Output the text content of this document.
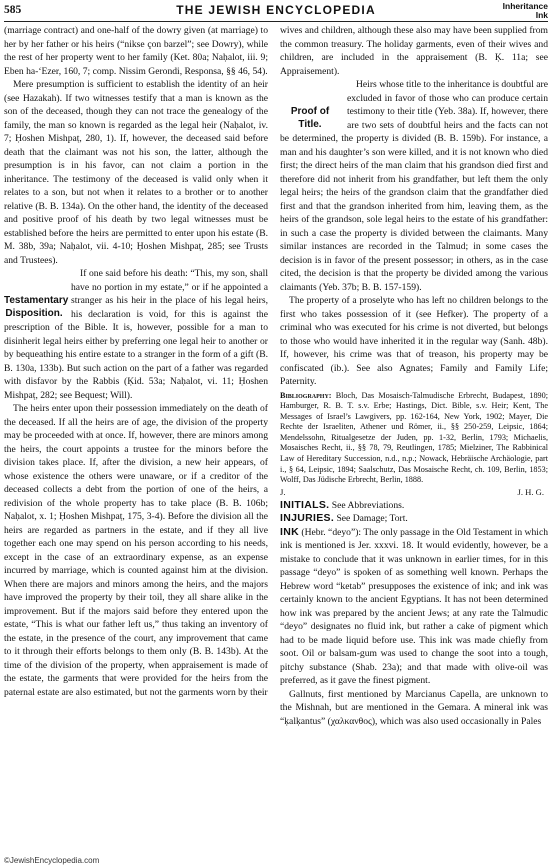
585	THE JEWISH ENCYCLOPEDIA	Inheritance
Ink

(marriage contract) and one-half of the dowry given (at marriage) to her by her father or his heirs (“nikse çon barzel”; see Dowry), while the rest of her property went to her family (Ket. 80a; Naḥalot, iii. 9; Eben ha-‘Ezer, 160, 7; comp. Nissim Gerondi, Responsa, §§ 46, 54).

Mere presumption is sufficient to establish the identity of an heir (see Hazakah). If two witnesses testify that a man is known as the son of the deceased, though they can not trace the genealogy of the family, the man so known is regarded as the legal heir (Naḥalot, iv. 7; Ḥoshen Mishpaṭ, 280, 1). If, however, the deceased said before death that the claimant was not his son, the latter, although the presumption is in his favor, can not claim a portion in the inheritance. The testimony of the deceased is valid only when it relates to a son, but not when it relates to a brother or to another relative (B. B. 134a). On the other hand, the identity of the deceased and positive proof of his death by two legal witnesses must be established before the heirs are permitted to enter upon his estate (B. M. 38b, 39a; Naḥalot, vii. 4-10; Ḥoshen Mishpaṭ, 285; see Trusts and Trustees).

Testamentary Disposition.
If one said before his death: “This, my son, shall have no portion in my estate,” or if he appointed a stranger as his heir in the place of his legal heirs, his declaration is void, for this is against the prescription of the Bible. It is, however, possible for a man to disinherit legal heirs either by preferring one legal heir to another or by bequeathing his entire estate to a stranger in the form of a gift (B. B. 130a, 133b). But such action on the part of a father was regarded with disfavor by the Rabbis (Ḳid. 53a; Naḥalot, vi. 11; Ḥoshen Mishpaṭ, 282; see Bequest; Will).

The heirs enter upon their possession immediately on the death of the deceased. If all the heirs are of age, the division of the property may be proceeded with at once. If, however, there are minors among the heirs, the court appoints a trustee for the minors before the division takes place. If, after the division, a new heir appears, of whose existence the others were unaware, or if a creditor of the deceased collects a debt from the portion of one of the heirs, a redivision of the whole property has to take place (B. B. 106b; Naḥalot, x. 1; Ḥoshen Mishpaṭ, 175, 3-4). Before the division all the heirs are regarded as partners in the estate, and if they all live together each one may spend on his person according to his needs, except in the case of an extraordinary expense, as an expense incurred by marriage, which is counted against him at the division. When there are majors and minors among the heirs, and the majors have improved the property by their toil, they all share alike in the improvement. But if the majors said before they entered upon the estate, “This is what our father left us,” thus taking an inventory of the estate, in the presence of the court, any improvement that came to it through their efforts belongs to them only (B. B. 143b). At the time of the division of the property, when appraisement is made of the estate, the garments that were provided for the heirs from the paternal estate are also estimated, but not the garments worn by their

wives and children, although these also may have been supplied from the common treasury. The holiday garments, even of their wives and children, are included in the appraisement (B. Ḳ. 11a; see Appraisement).

Proof of Title.
Heirs whose title to the inheritance is doubtful are excluded in favor of those who can produce certain testimony to their title (Yeb. 38a). If, however, there are two sets of doubtful heirs and the facts can not be determined, the property is divided (B. B. 159b). For instance, a man and his daughter’s son were killed, and it is not known who died first; the direct heirs of the man claim that his grandson died first and therefore did not inherit from his grandfather, but left them the only legal heirs; the heirs of the grandson claim that the grandfather died first and that the grandson inherited from him, leaving them, as the heirs of the grandson, sole legal heirs to the estate of his grandfather: in such a case the property is divided between the claimants. Many similar instances are recorded in the Talmud; in some cases the decision is in favor of the present possessor; in others, as in the case cited, the decision is that the property be divided among the various claimants (Yeb. 37b; B. B. 157-159).

The property of a proselyte who has left no children belongs to the first who takes possession of it (see Hefker). The property of a criminal who was executed for his crime is not diverted, but belongs to those who would have inherited it in the regular way (Sanh. 48b). If, however, his crime was that of treason, his property may be confiscated (ib.). See also Agnates; Family and Family Life; Paternity.

Bibliography: Bloch, Das Mosaisch-Talmudische Erbrecht, Budapest, 1890; Hamburger, R. B. T. s.v. Erbe; Hastings, Dict. Bible, s.v. Heir; Kent, The Messages of Israel’s Lawgivers, pp. 162-164, New York, 1902; Mayer, Die Rechte der Israeliten, Athener und Römer, ii., §§ 250-259, Leipsic, 1864; Mendelssohn, Ritualgesetze der Juden, pp. 1-32, Berlin, 1793; Michaelis, Mosaisches Recht, ii., §§ 78, 79, Reutlingen, 1785; Mielziner, The Rabbinical Law of Hereditary Succession, n.d., n.p.; Nowack, Hebräische Archäologie, part i., § 64, Leipsic, 1894; Saalschutz, Das Mosaische Recht, ch. 109, Berlin, 1853; Wolff, Das Jüdische Erbrecht, Berlin, 1888.
J.	J. H. G.

INITIALS. See Abbreviations.

INJURIES. See Damage; Tort.

INK (Hebr. “deyo”): The only passage in the Old Testament in which ink is mentioned is Jer. xxxvi. 18. It would evidently, however, be a mistake to conclude that it was unknown in earlier times, for in this passage “deyo” is spoken of as something well known. Perhaps the Hebrew word “ketab” presupposes the existence of ink; and ink was certainly known to the ancient Egyptians. It has not been determined how ink was prepared by the ancient Jews; at any rate the Talmudic “deyo” designates no fluid ink, but rather a cake of pigment which had to be made liquid before use. This ink was made chiefly from soot. Oil or balsam-gum was used to change the soot into a tough, pitchy substance (Shab. 23a); and that made with olive-oil was preferred, as it gave the finest pigment.

Gallnuts, first mentioned by Marcianus Capella, are unknown to the Mishnah, but are mentioned in the Gemara. A mineral ink was “ḳalḳantus” (χαλκανθος), which was also used occasionally in Pales

©JewishEncyclopedia.com
